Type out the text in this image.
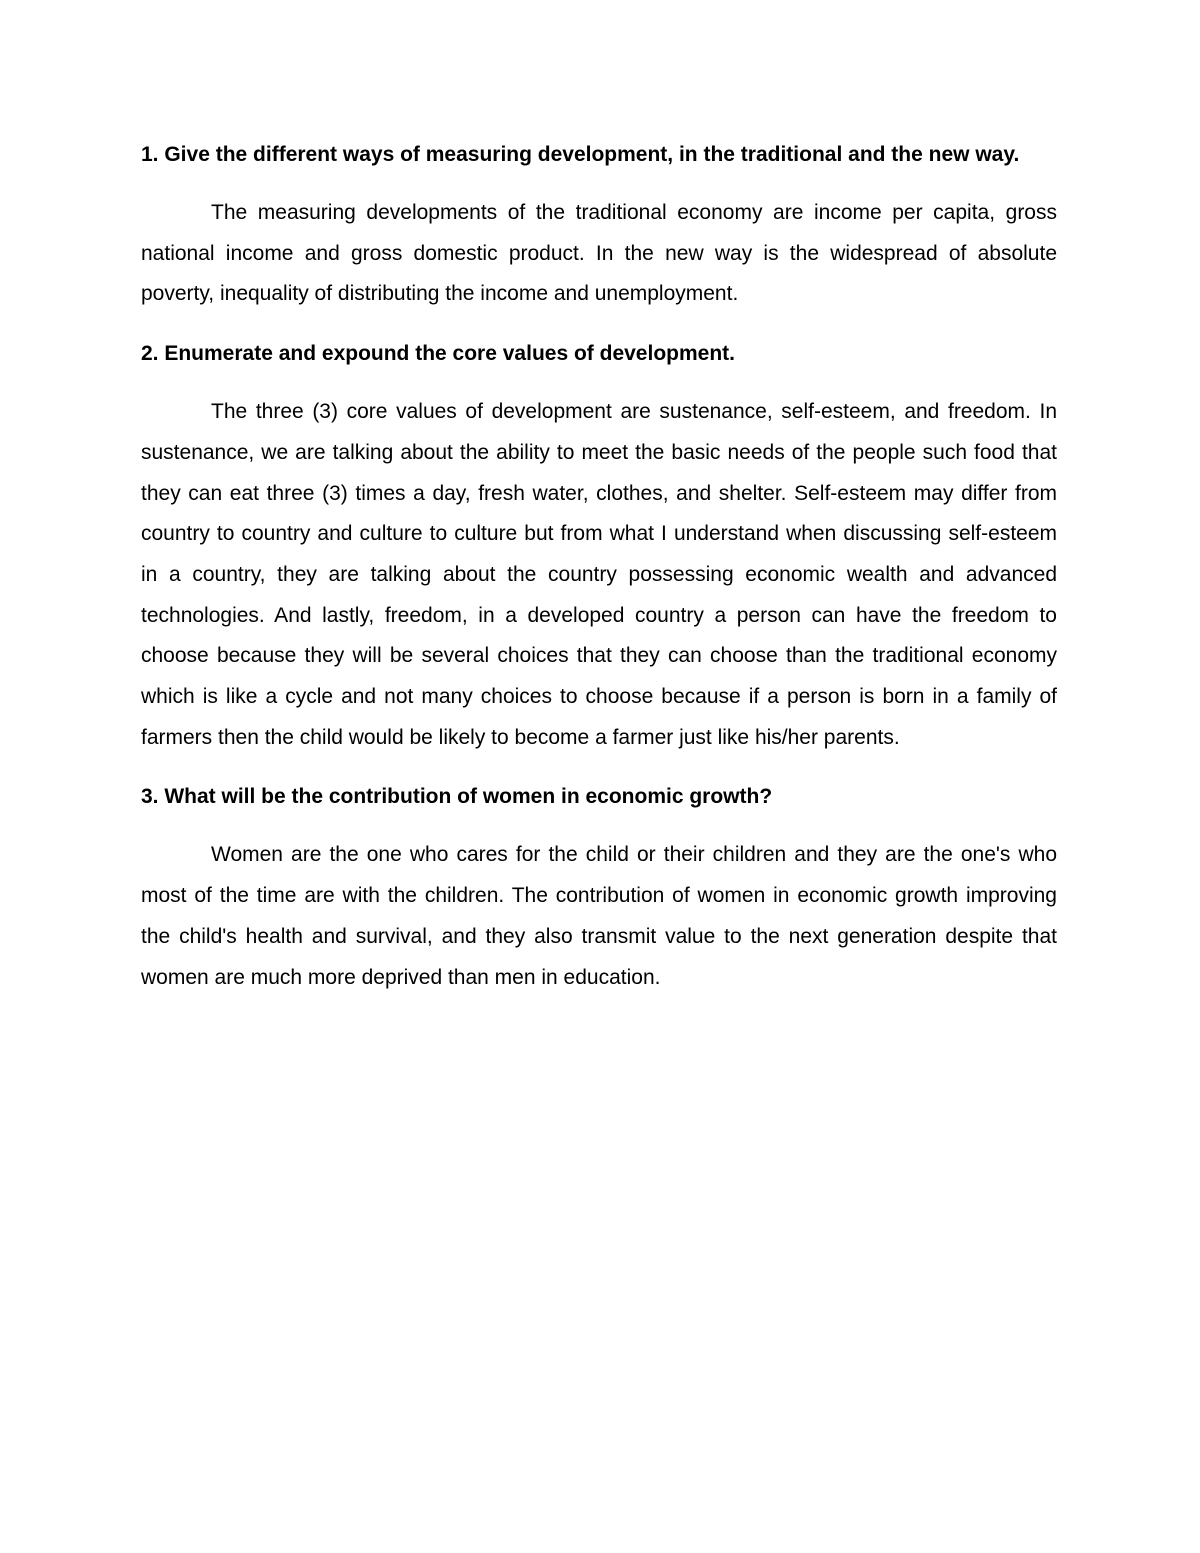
1. Give the different ways of measuring development, in the traditional and the new way.

The measuring developments of the traditional economy are income per capita, gross national income and gross domestic product. In the new way is the widespread of absolute poverty, inequality of distributing the income and unemployment.

2. Enumerate and expound the core values of development.

The three (3) core values of development are sustenance, self-esteem, and freedom. In sustenance, we are talking about the ability to meet the basic needs of the people such food that they can eat three (3) times a day, fresh water, clothes, and shelter. Self-esteem may differ from country to country and culture to culture but from what I understand when discussing self-esteem in a country, they are talking about the country possessing economic wealth and advanced technologies. And lastly, freedom, in a developed country a person can have the freedom to choose because they will be several choices that they can choose than the traditional economy which is like a cycle and not many choices to choose because if a person is born in a family of farmers then the child would be likely to become a farmer just like his/her parents.

3. What will be the contribution of women in economic growth?

Women are the one who cares for the child or their children and they are the one's who most of the time are with the children. The contribution of women in economic growth improving the child's health and survival, and they also transmit value to the next generation despite that women are much more deprived than men in education.
